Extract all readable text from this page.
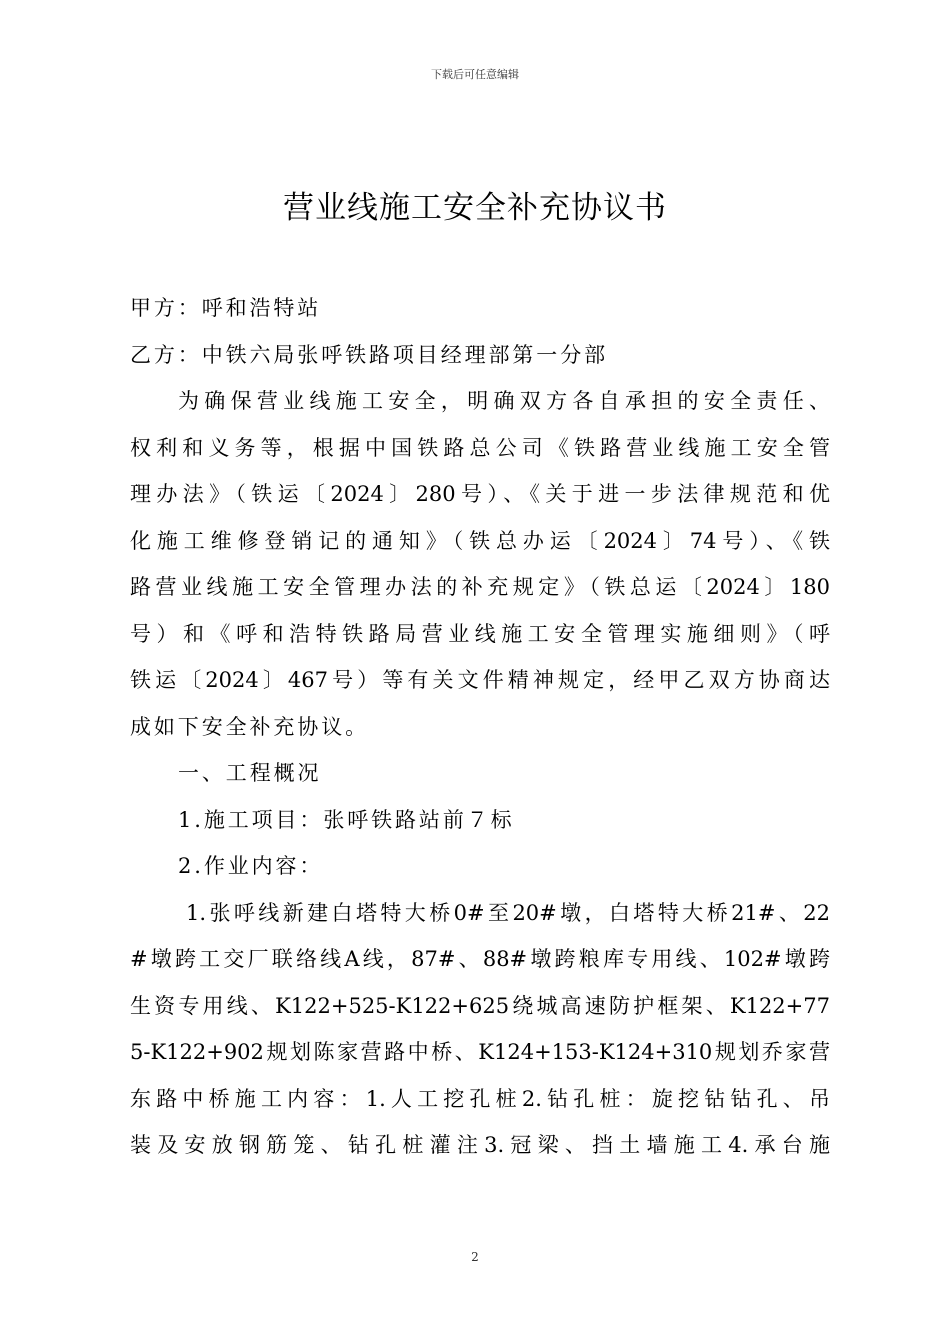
下载后可任意编辑
营业线施工安全补充协议书
甲方：呼和浩特站
乙方：中铁六局张呼铁路项目经理部第一分部
为确保营业线施工安全，明确双方各自承担的安全责任、
权利和义务等，根据中国铁路总公司《铁路营业线施工安全管
理办法》（铁运〔2024〕280号）、《关于进一步法律规范和优
化施工维修登销记的通知》（铁总办运〔2024〕74号）、《铁
路营业线施工安全管理办法的补充规定》（铁总运〔2024〕180
号）和《呼和浩特铁路局营业线施工安全管理实施细则》（呼
铁运〔2024〕467号）等有关文件精神规定，经甲乙双方协商达
成如下安全补充协议。
一、工程概况
1.施工项目：张呼铁路站前７标
2.作业内容：
1.张呼线新建白塔特大桥0#至20#墩，白塔特大桥21#、22
#墩跨工交厂联络线A线，87#、88#墩跨粮库专用线、102#墩跨
生资专用线、K122+525-K122+625绕城高速防护框架、K122+77
5-K122+902规划陈家营路中桥、K124+153-K124+310规划乔家营
东路中桥施工内容：1.人工挖孔桩2.钻孔桩：旋挖钻钻孔、吊
装及安放钢筋笼、钻孔桩灌注3.冠梁、挡土墙施工4.承台施
2
